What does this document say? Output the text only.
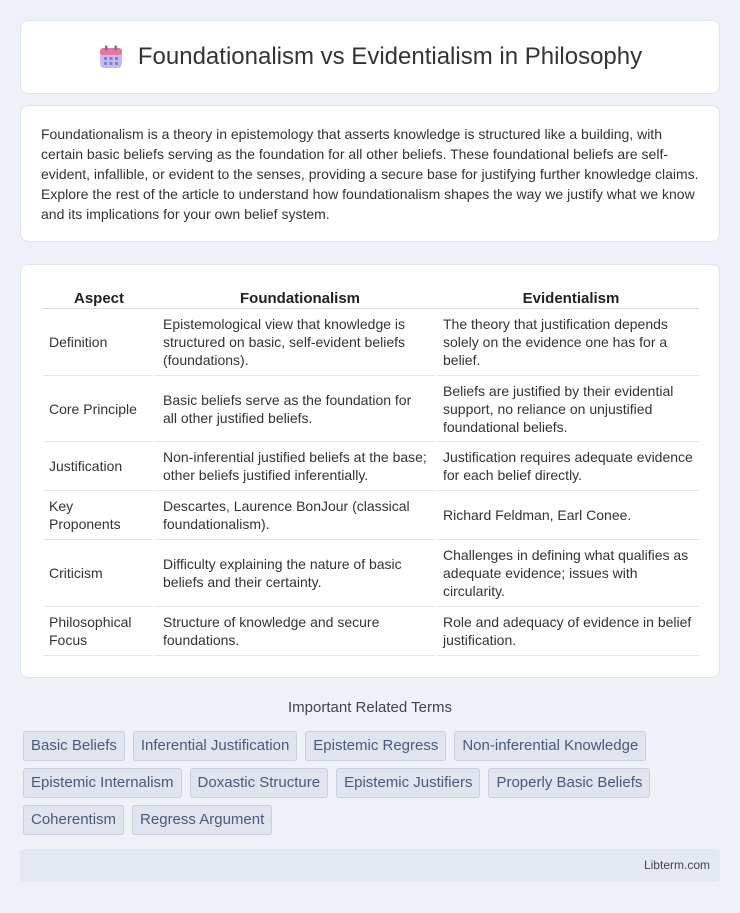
Foundationalism vs Evidentialism in Philosophy

Foundationalism is a theory in epistemology that asserts knowledge is structured like a building, with certain basic beliefs serving as the foundation for all other beliefs. These foundational beliefs are self-evident, infallible, or evident to the senses, providing a secure base for justifying further knowledge claims. Explore the rest of the article to understand how foundationalism shapes the way we justify what we know and its implications for your own belief system.

Aspect	Foundationalism	Evidentialism
Definition	Epistemological view that knowledge is structured on basic, self-evident beliefs (foundations).	The theory that justification depends solely on the evidence one has for a belief.
Core Principle	Basic beliefs serve as the foundation for all other justified beliefs.	Beliefs are justified by their evidential support, no reliance on unjustified foundational beliefs.
Justification	Non-inferential justified beliefs at the base; other beliefs justified inferentially.	Justification requires adequate evidence for each belief directly.
Key Proponents	Descartes, Laurence BonJour (classical foundationalism).	Richard Feldman, Earl Conee.
Criticism	Difficulty explaining the nature of basic beliefs and their certainty.	Challenges in defining what qualifies as adequate evidence; issues with circularity.
Philosophical Focus	Structure of knowledge and secure foundations.	Role and adequacy of evidence in belief justification.
Important Related Terms
Basic Beliefs	Inferential Justification	Epistemic Regress	Non-inferential Knowledge
Epistemic Internalism	Doxastic Structure	Epistemic Justifiers	Properly Basic Beliefs
Coherentism	Regress Argument
Libterm.com
